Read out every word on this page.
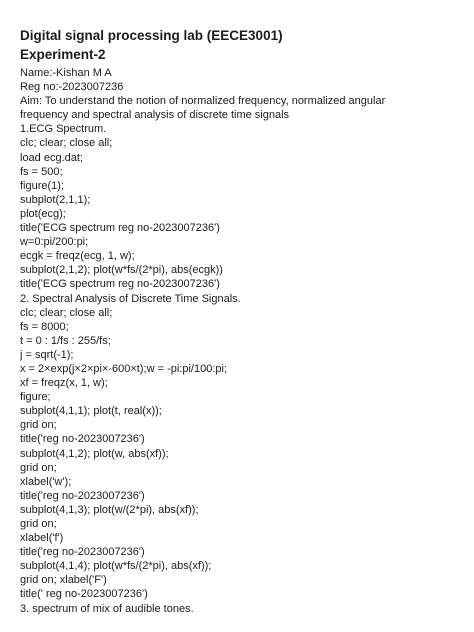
Digital signal processing lab (EECE3001)
Experiment-2
Name:-Kishan M A
Reg no:-2023007236
Aim: To understand the notion of normalized frequency, normalized angular
frequency and spectral analysis of discrete time signals
1.ECG Spectrum.
clc; clear; close all;
load ecg.dat;
fs = 500;
figure(1);
subplot(2,1,1);
plot(ecg);
title('ECG spectrum reg no-2023007236')
w=0:pi/200:pi;
ecgk = freqz(ecg, 1, w);
subplot(2,1,2); plot(w*fs/(2*pi), abs(ecgk))
title('ECG spectrum reg no-2023007236')
2. Spectral Analysis of Discrete Time Signals.
clc; clear; close all;
fs = 8000;
t = 0 : 1/fs : 255/fs;
j = sqrt(-1);
x = 2×exp(j×2×pi×-600×t);w = -pi:pi/100:pi;
xf = freqz(x, 1, w);
figure;
subplot(4,1,1); plot(t, real(x));
grid on;
title('reg no-2023007236')
subplot(4,1,2); plot(w, abs(xf));
grid on;
xlabel('w');
title('reg no-2023007236')
subplot(4,1,3); plot(w/(2*pi), abs(xf));
grid on;
xlabel('f')
title('reg no-2023007236')
subplot(4,1,4); plot(w*fs/(2*pi), abs(xf));
grid on; xlabel('F')
title(' reg no-2023007236')
3. spectrum of mix of audible tones.
